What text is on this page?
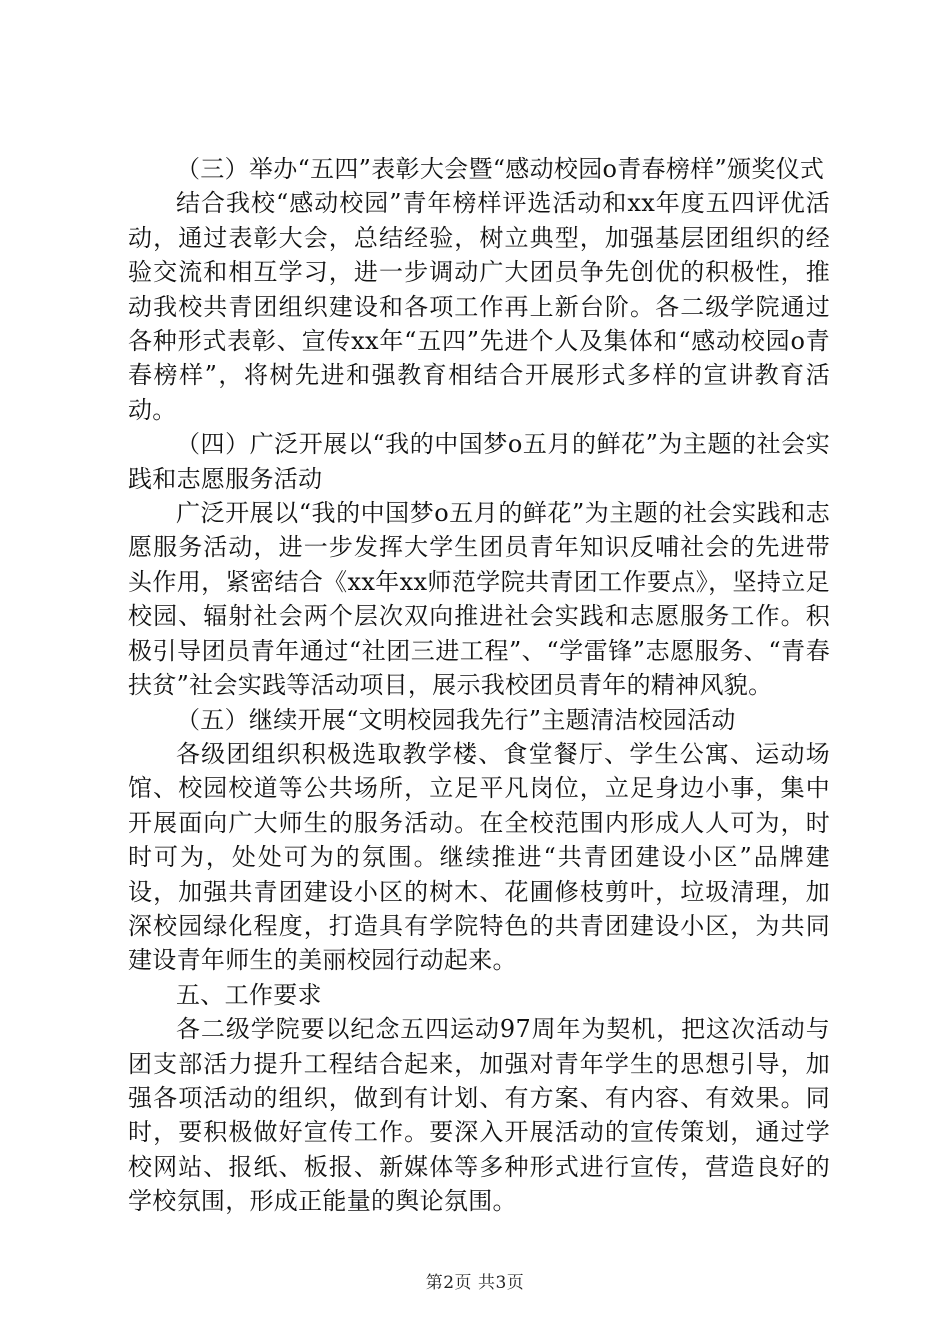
（三）举办“五四”表彰大会暨“感动校园ο青春榜样”颁奖仪式

结合我校“感动校园”青年榜样评选活动和xx年度五四评优活动，通过表彰大会，总结经验，树立典型，加强基层团组织的经验交流和相互学习，进一步调动广大团员争先创优的积极性，推动我校共青团组织建设和各项工作再上新台阶。各二级学院通过各种形式表彰、宣传xx年“五四”先进个人及集体和“感动校园ο青春榜样”，将树先进和强教育相结合开展形式多样的宣讲教育活动。

（四）广泛开展以“我的中国梦ο五月的鲜花”为主题的社会实践和志愿服务活动

广泛开展以“我的中国梦ο五月的鲜花”为主题的社会实践和志愿服务活动，进一步发挥大学生团员青年知识反哺社会的先进带头作用，紧密结合《xx年xx师范学院共青团工作要点》，坚持立足校园、辐射社会两个层次双向推进社会实践和志愿服务工作。积极引导团员青年通过“社团三进工程”、“学雷锋”志愿服务、“青春扶贫”社会实践等活动项目，展示我校团员青年的精神风貌。

（五）继续开展“文明校园我先行”主题清洁校园活动

各级团组织积极选取教学楼、食堂餐厅、学生公寓、运动场馆、校园校道等公共场所，立足平凡岗位，立足身边小事，集中开展面向广大师生的服务活动。在全校范围内形成人人可为，时时可为，处处可为的氛围。继续推进“共青团建设小区”品牌建设，加强共青团建设小区的树木、花圃修枝剪叶，垃圾清理，加深校园绿化程度，打造具有学院特色的共青团建设小区，为共同建设青年师生的美丽校园行动起来。

五、工作要求

各二级学院要以纪念五四运动97周年为契机，把这次活动与团支部活力提升工程结合起来，加强对青年学生的思想引导，加强各项活动的组织，做到有计划、有方案、有内容、有效果。同时，要积极做好宣传工作。要深入开展活动的宣传策划，通过学校网站、报纸、板报、新媒体等多种形式进行宣传，营造良好的学校氛围，形成正能量的舆论氛围。

第2页 共3页
